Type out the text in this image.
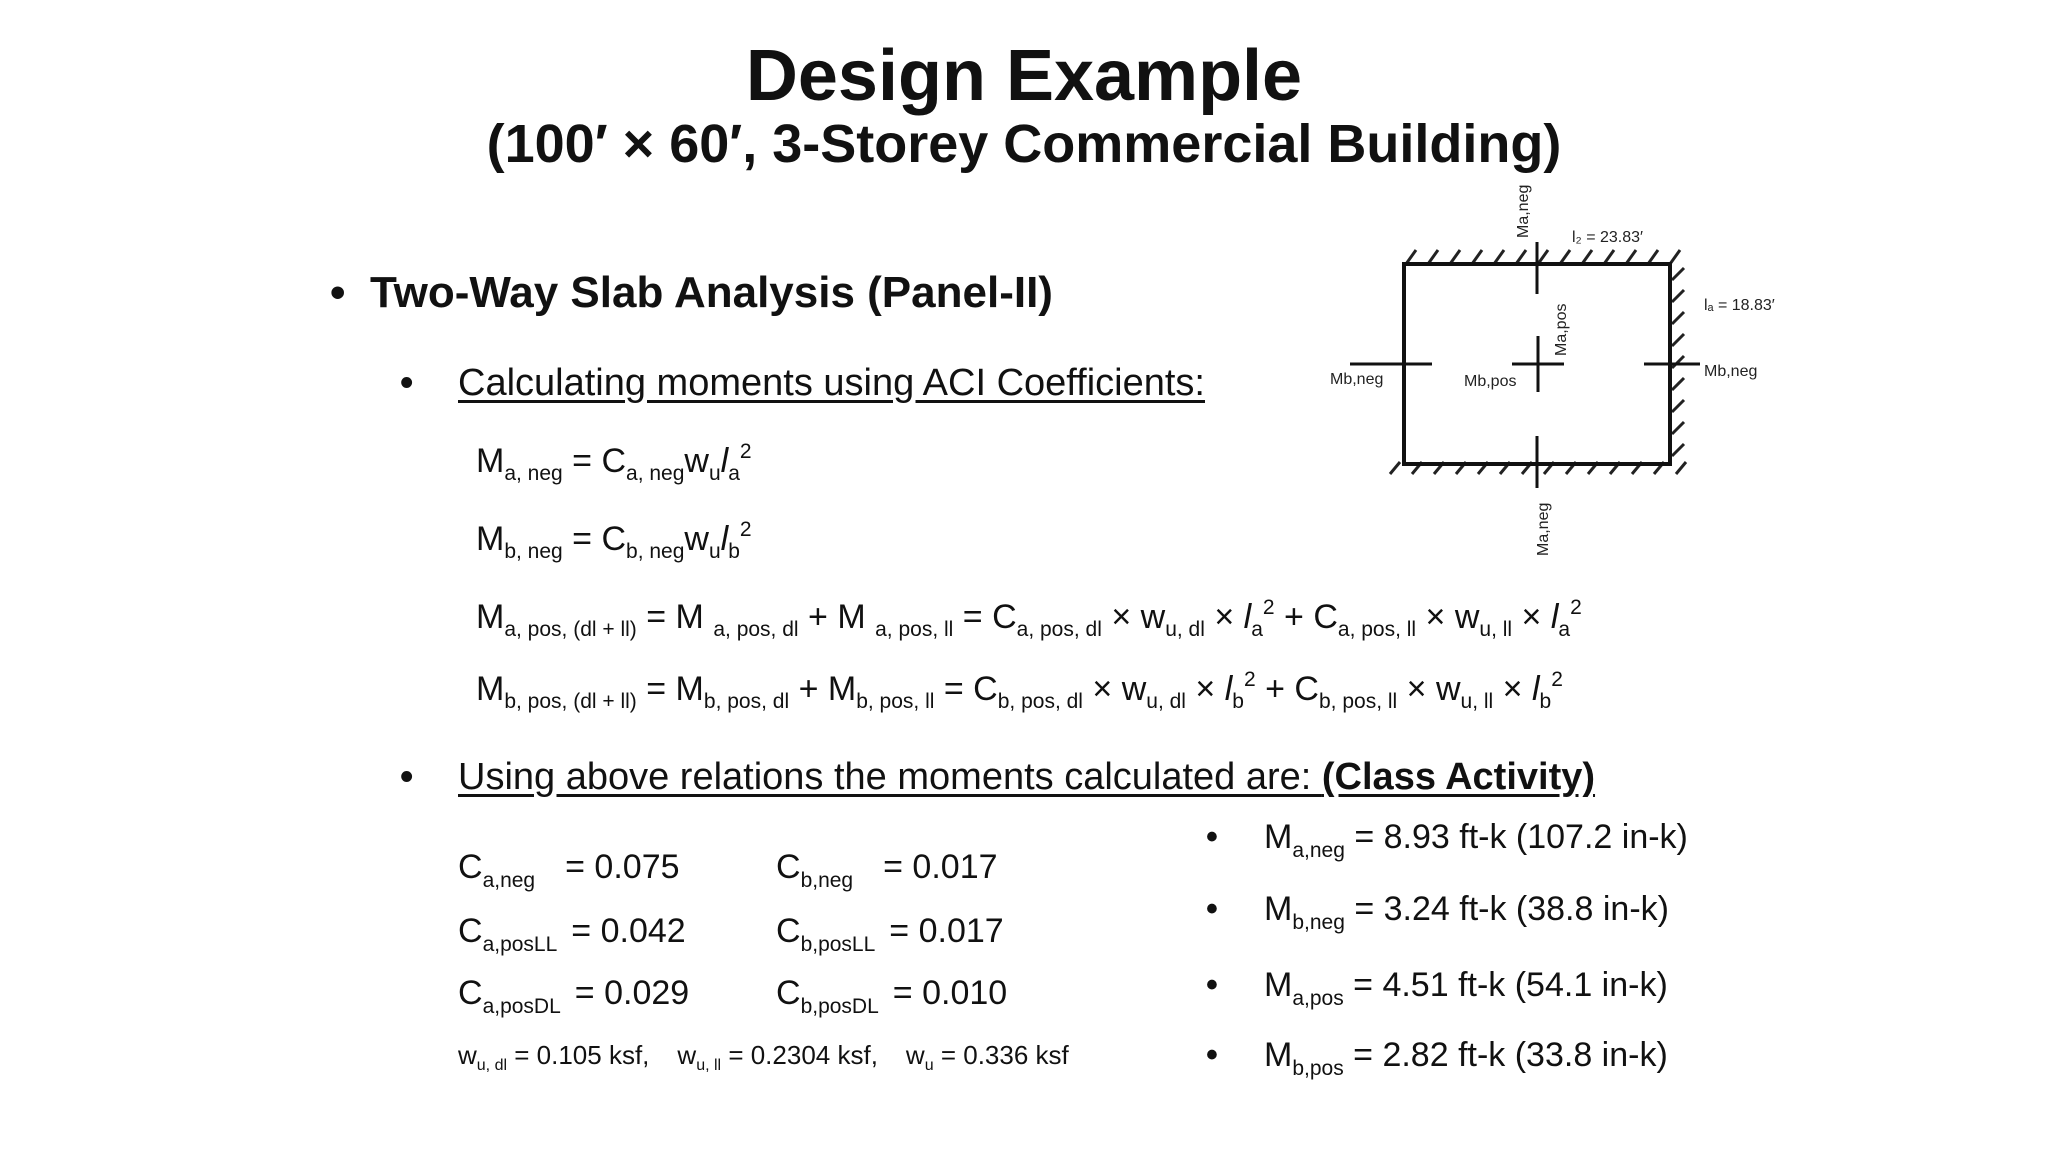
Design Example
(100′ × 60′, 3-Storey Commercial Building)
• Two-Way Slab Analysis (Panel-II)
• Calculating moments using ACI Coefficients:
$M_{a, neg} = C_{a, neg}w_ul_a^2$
$M_{b, neg} = C_{b, neg}w_ul_b^2$
$M_{a, pos, (dl + ll)} = M$ $_{a, pos, dl}$ + M $_{a, pos, ll} = C_{a, pos, dl} \times w_{u, dl} \times l_a^2 + C_{a, pos, ll} \times w_{u, ll} \times l_a^2$
$M_{b, pos, (dl + ll)} = M_{b, pos, dl} + M_{b, pos, ll} = C_{b, pos, dl} \times w_{u, dl} \times l_b^2 + C_{b, pos, ll} \times w_{u, ll} \times l_b^2$
• Using above relations the moments calculated are: (Class Activity)
$C_{a,neg} = 0.075$	$C_{b,neg} = 0.017$
$C_{a,posLL} = 0.042$	$C_{b,posLL} = 0.017$
$C_{a,posDL} = 0.029$	$C_{b,posDL} = 0.010$
$w_{u, dl} = 0.105$ ksf, $w_{u, ll} = 0.2304$ ksf, $w_u = 0.336$ ksf
• $M_{a,neg} = 8.93$ ft-k (107.2 in-k)
• $M_{b,neg} = 3.24$ ft-k (38.8 in-k)
• $M_{a,pos} = 4.51$ ft-k (54.1 in-k)
• $M_{b,pos} = 2.82$ ft-k (33.8 in-k)
l₂ = 23.83′
lₐ = 18.83′
Ma,neg
Ma,neg
Ma,pos
Mb,pos
Mb,neg	Mb,neg
